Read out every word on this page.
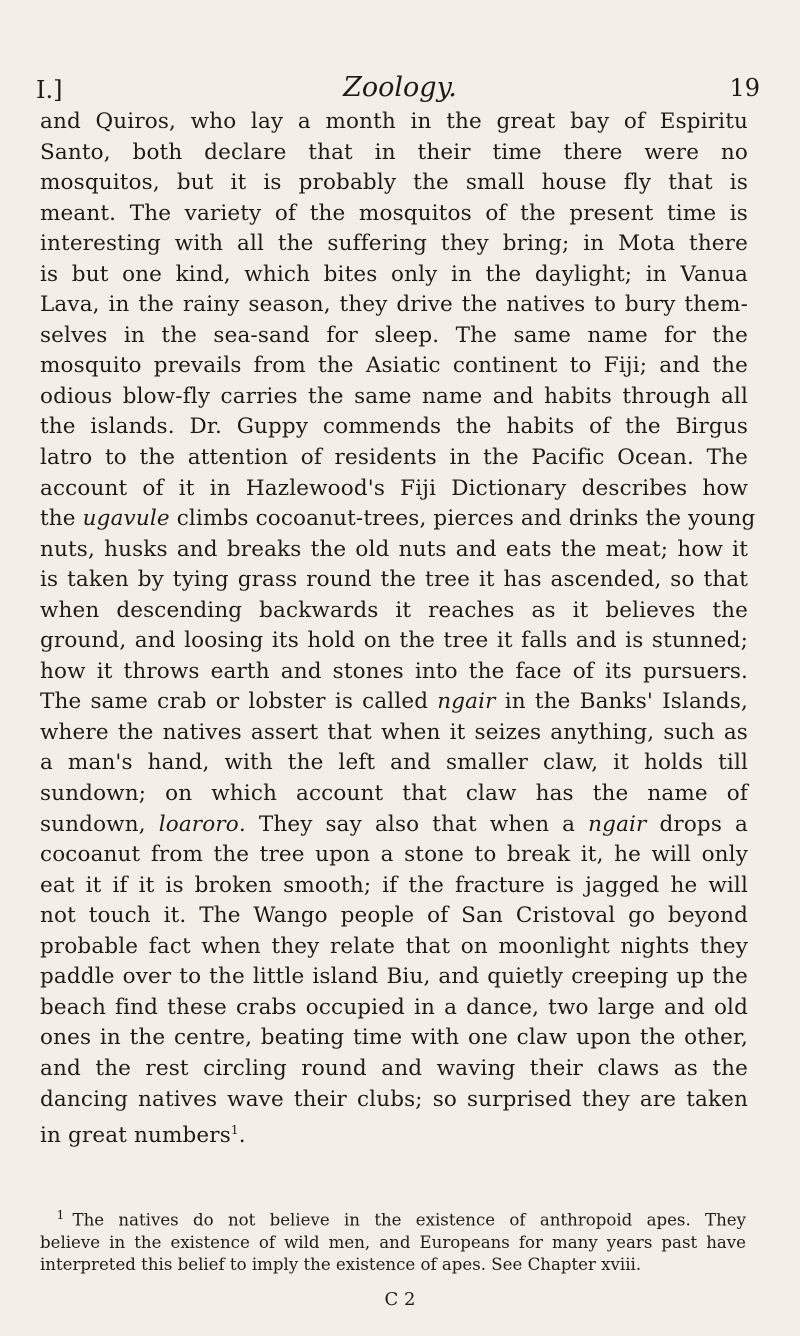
I.]	Zoology.	19
and Quiros, who lay a month in the great bay of Espiritu
Santo, both declare that in their time there were no
mosquitos, but it is probably the small house fly that is
meant. The variety of the mosquitos of the present time is
interesting with all the suffering they bring; in Mota there
is but one kind, which bites only in the daylight; in Vanua
Lava, in the rainy season, they drive the natives to bury them-
selves in the sea-sand for sleep. The same name for the
mosquito prevails from the Asiatic continent to Fiji; and the
odious blow-fly carries the same name and habits through all
the islands. Dr. Guppy commends the habits of the Birgus
latro to the attention of residents in the Pacific Ocean. The
account of it in Hazlewood's Fiji Dictionary describes how
the ugavule climbs cocoanut-trees, pierces and drinks the young
nuts, husks and breaks the old nuts and eats the meat; how it
is taken by tying grass round the tree it has ascended, so that
when descending backwards it reaches as it believes the
ground, and loosing its hold on the tree it falls and is stunned;
how it throws earth and stones into the face of its pursuers.
The same crab or lobster is called ngair in the Banks' Islands,
where the natives assert that when it seizes anything, such as
a man's hand, with the left and smaller claw, it holds till
sundown; on which account that claw has the name of
sundown, loaroro. They say also that when a ngair drops a
cocoanut from the tree upon a stone to break it, he will only
eat it if it is broken smooth; if the fracture is jagged he will
not touch it. The Wango people of San Cristoval go beyond
probable fact when they relate that on moonlight nights they
paddle over to the little island Biu, and quietly creeping up the
beach find these crabs occupied in a dance, two large and old
ones in the centre, beating time with one claw upon the other,
and the rest circling round and waving their claws as the
dancing natives wave their clubs; so surprised they are taken
in great numbers$^1$.
 $^1$  The natives do not believe in the existence of anthropoid apes. They
believe in the existence of wild men, and Europeans for many years past have
interpreted this belief to imply the existence of apes. See Chapter xviii.
C 2
